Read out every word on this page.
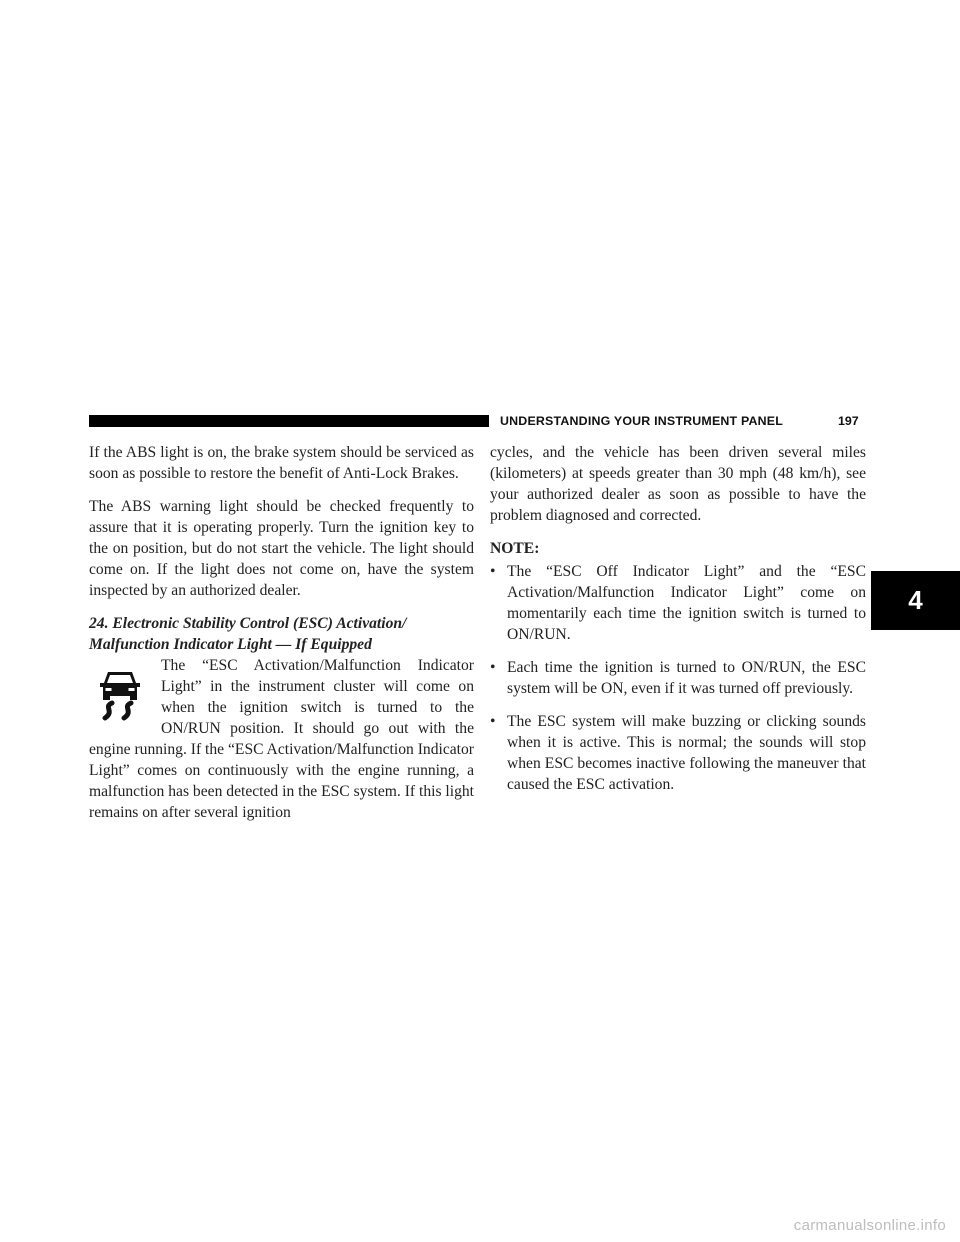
UNDERSTANDING YOUR INSTRUMENT PANEL	197
4

If the ABS light is on, the brake system should be serviced as soon as possible to restore the benefit of Anti-Lock Brakes.

The ABS warning light should be checked frequently to assure that it is operating properly. Turn the ignition key to the on position, but do not start the vehicle. The light should come on. If the light does not come on, have the system inspected by an authorized dealer.

24. Electronic Stability Control (ESC) Activation/ Malfunction Indicator Light — If Equipped
The “ESC Activation/Malfunction Indicator Light” in the instrument cluster will come on when the ignition switch is turned to the ON/RUN position. It should go out with the engine running. If the “ESC Activation/Malfunction Indicator Light” comes on continuously with the engine running, a malfunction has been detected in the ESC system. If this light remains on after several ignition

cycles, and the vehicle has been driven several miles (kilometers) at speeds greater than 30 mph (48 km/h), see your authorized dealer as soon as possible to have the problem diagnosed and corrected.

NOTE:
• The “ESC Off Indicator Light” and the “ESC Activation/Malfunction Indicator Light” come on momentarily each time the ignition switch is turned to ON/RUN.
• Each time the ignition is turned to ON/RUN, the ESC system will be ON, even if it was turned off previously.
• The ESC system will make buzzing or clicking sounds when it is active. This is normal; the sounds will stop when ESC becomes inactive following the maneuver that caused the ESC activation.
carmanualsonline.info
